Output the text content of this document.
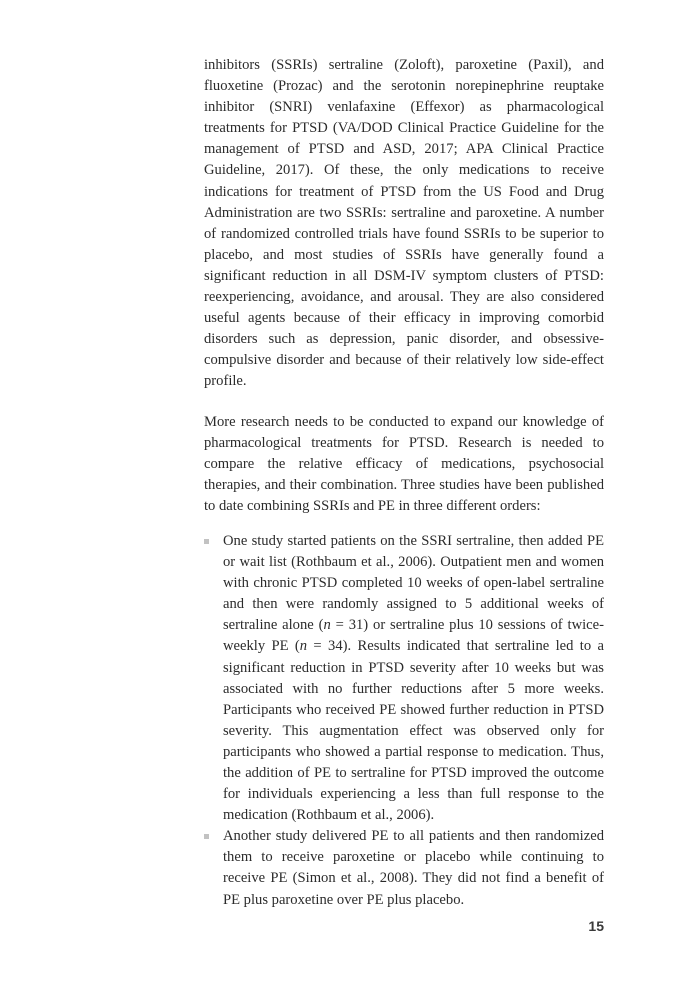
inhibitors (SSRIs) sertraline (Zoloft), paroxetine (Paxil), and fluoxetine (Prozac) and the serotonin norepinephrine reuptake inhibitor (SNRI) venlafaxine (Effexor) as pharmacological treatments for PTSD (VA/DOD Clinical Practice Guideline for the management of PTSD and ASD, 2017; APA Clinical Practice Guideline, 2017). Of these, the only medications to receive indications for treatment of PTSD from the US Food and Drug Administration are two SSRIs: sertraline and paroxetine. A number of randomized controlled trials have found SSRIs to be superior to placebo, and most studies of SSRIs have generally found a significant reduction in all DSM-IV symptom clusters of PTSD: reexperiencing, avoidance, and arousal. They are also considered useful agents because of their efficacy in improving comorbid disorders such as depression, panic disorder, and obsessive-compulsive disorder and because of their relatively low side-effect profile.

More research needs to be conducted to expand our knowledge of pharmacological treatments for PTSD. Research is needed to compare the relative efficacy of medications, psychosocial therapies, and their combination. Three studies have been published to date combining SSRIs and PE in three different orders:

One study started patients on the SSRI sertraline, then added PE or wait list (Rothbaum et al., 2006). Outpatient men and women with chronic PTSD completed 10 weeks of open-label sertraline and then were randomly assigned to 5 additional weeks of sertraline alone (n = 31) or sertraline plus 10 sessions of twice-weekly PE (n = 34). Results indicated that sertraline led to a significant reduction in PTSD severity after 10 weeks but was associated with no further reductions after 5 more weeks. Participants who received PE showed further reduction in PTSD severity. This augmentation effect was observed only for participants who showed a partial response to medication. Thus, the addition of PE to sertraline for PTSD improved the outcome for individuals experiencing a less than full response to the medication (Rothbaum et al., 2006).
Another study delivered PE to all patients and then randomized them to receive paroxetine or placebo while continuing to receive PE (Simon et al., 2008). They did not find a benefit of PE plus paroxetine over PE plus placebo.
15
